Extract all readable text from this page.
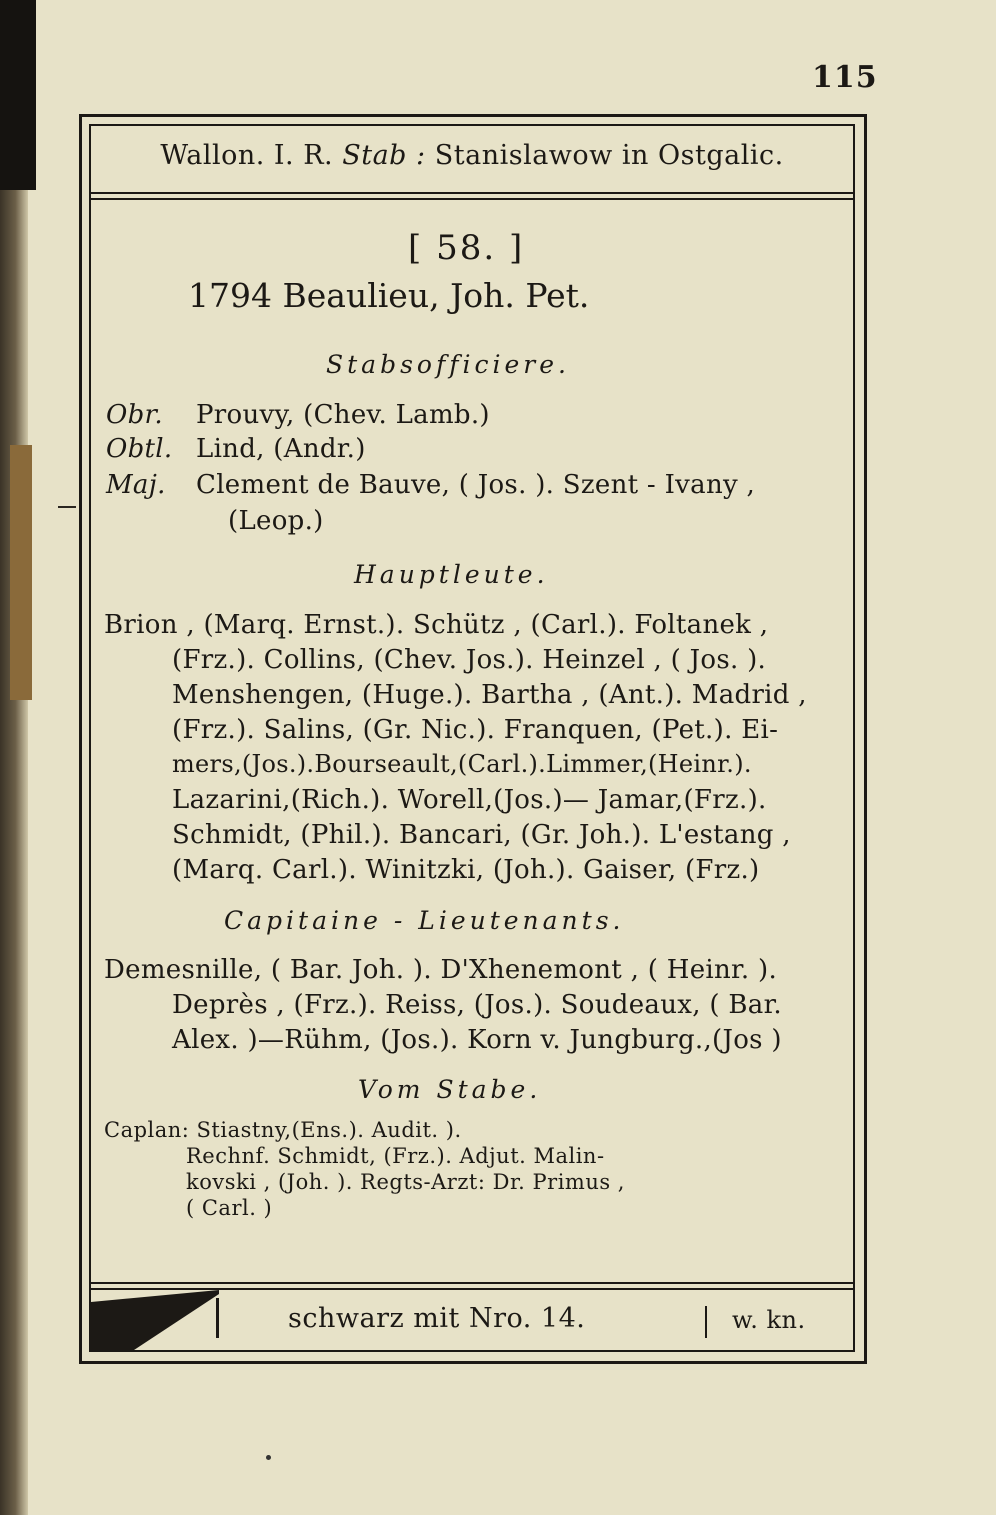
115
Wallon. I. R. Stab : Stanislawow in Ostgalic.
[ 58. ]
1794 Beaulieu, Joh. Pet.
Stabsofficiere.
Obr. Prouvy, (Chev. Lamb.)
Obtl. Lind, (Andr.)
Maj. Clement de Bauve, ( Jos. ). Szent - Ivany ,
(Leop.)
Hauptleute.
Brion , (Marq. Ernst.). Schütz , (Carl.). Foltanek ,
(Frz.). Collins, (Chev. Jos.). Heinzel , ( Jos. ).
Menshengen, (Huge.). Bartha , (Ant.). Madrid ,
(Frz.). Salins, (Gr. Nic.). Franquen, (Pet.). Ei-
mers,(Jos.).Bourseault,(Carl.).Limmer,(Heinr.).
Lazarini,(Rich.). Worell,(Jos.)— Jamar,(Frz.).
Schmidt, (Phil.). Bancari, (Gr. Joh.). L'estang ,
(Marq. Carl.). Winitzki, (Joh.). Gaiser, (Frz.)
Capitaine - Lieutenants.
Demesnille, ( Bar. Joh. ). D'Xhenemont , ( Heinr. ).
Deprès , (Frz.). Reiss, (Jos.). Soudeaux, ( Bar.
Alex. )—Rühm, (Jos.). Korn v. Jungburg.,(Jos )
Vom Stabe.
Caplan: Stiastny,(Ens.). Audit. ).
Rechnf. Schmidt, (Frz.). Adjut. Malin-
kovski , (Joh. ). Regts-Arzt: Dr. Primus ,
( Carl. )
schwarz mit Nro. 14.	w. kn.
